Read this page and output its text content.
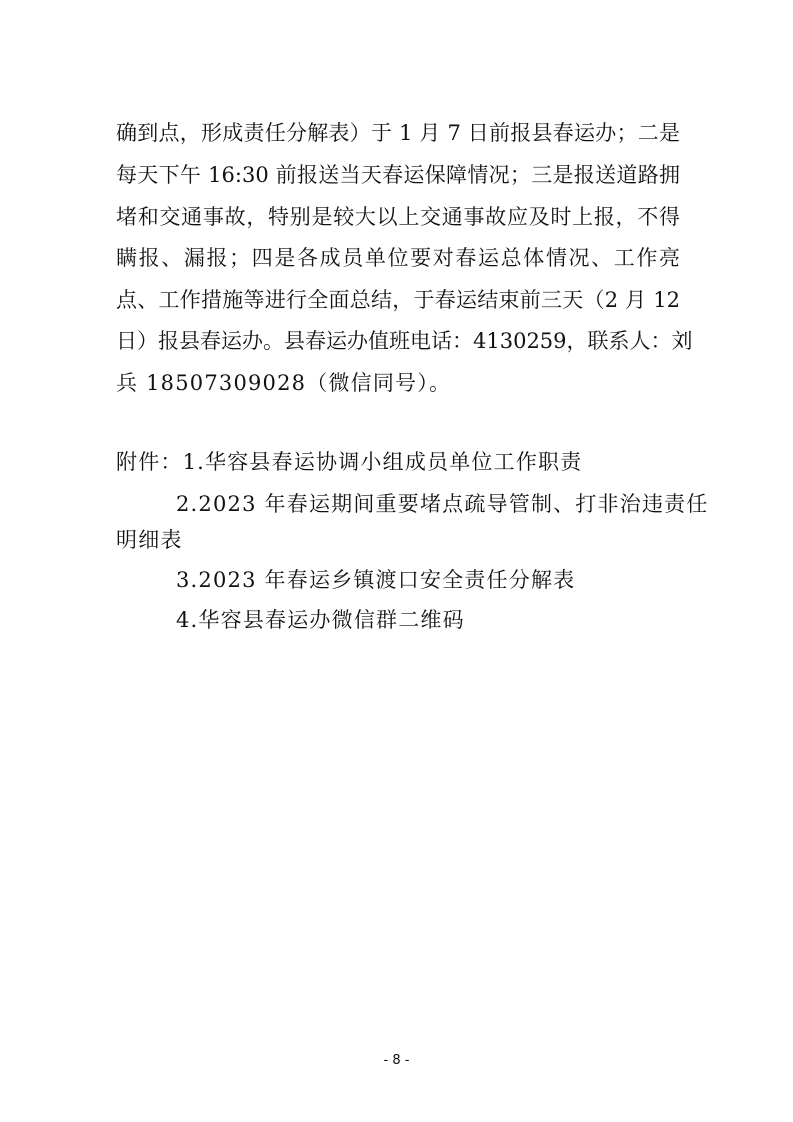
确到点，形成责任分解表）于 1 月 7 日前报县春运办；二是
每天下午 16:30 前报送当天春运保障情况；三是报送道路拥
堵和交通事故，特别是较大以上交通事故应及时上报，不得
瞒报、漏报；四是各成员单位要对春运总体情况、工作亮
点、工作措施等进行全面总结，于春运结束前三天（2 月 12
日）报县春运办。县春运办值班电话：4130259，联系人：刘
兵 18507309028（微信同号）。
附件：1.华容县春运协调小组成员单位工作职责
2.2023 年春运期间重要堵点疏导管制、打非治违责任
明细表
3.2023 年春运乡镇渡口安全责任分解表
4.华容县春运办微信群二维码
- 8 -
